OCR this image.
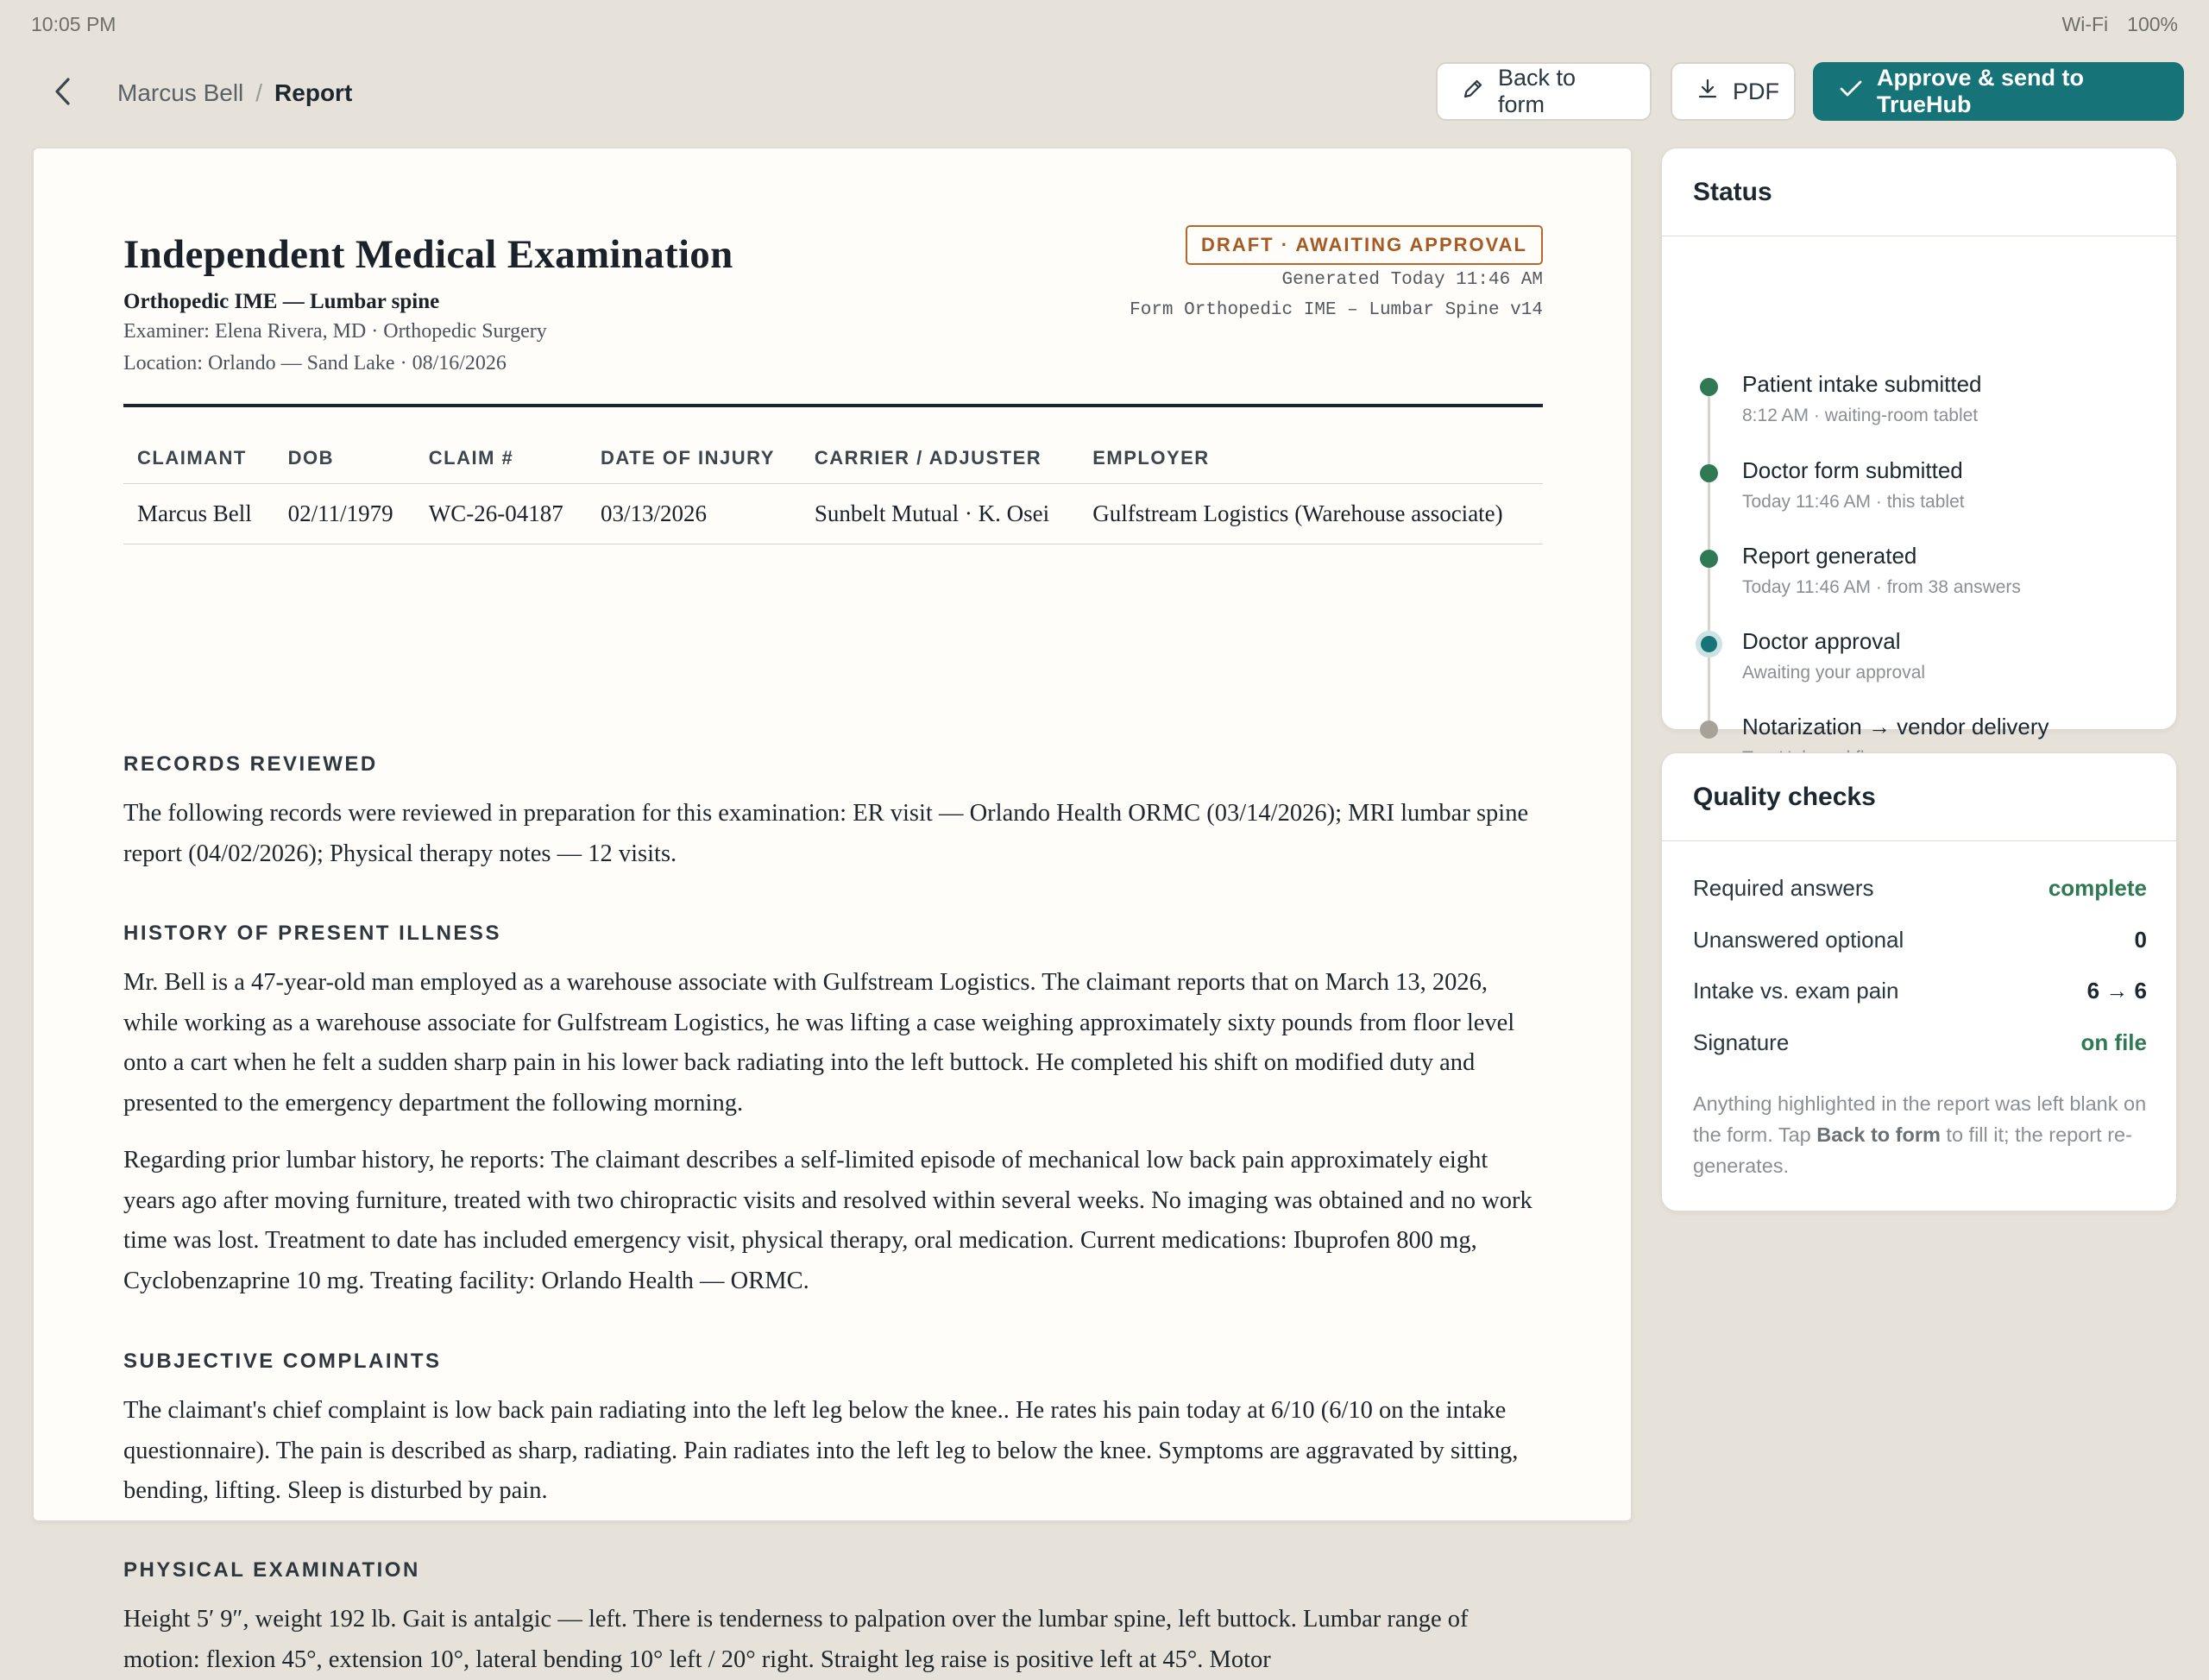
10:05 PM	Wi-Fi 100%
Marcus Bell / Report
Back to form
PDF
Approve & send to TrueHub
Independent Medical Examination
Orthopedic IME — Lumbar spine
Examiner: Elena Rivera, MD · Orthopedic Surgery
Location: Orlando — Sand Lake · 08/16/2026
DRAFT · AWAITING APPROVAL
Generated Today 11:46 AM
Form Orthopedic IME – Lumbar Spine v14
CLAIMANT	DOB	CLAIM #	DATE OF INJURY	CARRIER / ADJUSTER	EMPLOYER
Marcus Bell	02/11/1979	WC-26-04187	03/13/2026	Sunbelt Mutual · K. Osei	Gulfstream Logistics (Warehouse associate)
RECORDS REVIEWED
The following records were reviewed in preparation for this examination: ER visit — Orlando Health ORMC (03/14/2026); MRI lumbar spine report (04/02/2026); Physical therapy notes — 12 visits.
HISTORY OF PRESENT ILLNESS
Mr. Bell is a 47-year-old man employed as a warehouse associate with Gulfstream Logistics. The claimant reports that on March 13, 2026, while working as a warehouse associate for Gulfstream Logistics, he was lifting a case weighing approximately sixty pounds from floor level onto a cart when he felt a sudden sharp pain in his lower back radiating into the left buttock. He completed his shift on modified duty and presented to the emergency department the following morning.
Regarding prior lumbar history, he reports: The claimant describes a self-limited episode of mechanical low back pain approximately eight years ago after moving furniture, treated with two chiropractic visits and resolved within several weeks. No imaging was obtained and no work time was lost. Treatment to date has included emergency visit, physical therapy, oral medication. Current medications: Ibuprofen 800 mg, Cyclobenzaprine 10 mg. Treating facility: Orlando Health — ORMC.
SUBJECTIVE COMPLAINTS
The claimant's chief complaint is low back pain radiating into the left leg below the knee.. He rates his pain today at 6/10 (6/10 on the intake questionnaire). The pain is described as sharp, radiating. Pain radiates into the left leg to below the knee. Symptoms are aggravated by sitting, bending, lifting. Sleep is disturbed by pain.
PHYSICAL EXAMINATION
Height 5′ 9″, weight 192 lb. Gait is antalgic — left. There is tenderness to palpation over the lumbar spine, left buttock. Lumbar range of motion: flexion 45°, extension 10°, lateral bending 10° left / 20° right. Straight leg raise is positive left at 45°. Motor
Status
Patient intake submitted
8:12 AM · waiting-room tablet
Doctor form submitted
Today 11:46 AM · this tablet
Report generated
Today 11:46 AM · from 38 answers
Doctor approval
Awaiting your approval
Notarization → vendor delivery
Quality checks
Required answers	complete
Unanswered optional	0
Intake vs. exam pain	6 → 6
Signature	on file
Anything highlighted in the report was left blank on the form. Tap Back to form to fill it; the report re-generates.
